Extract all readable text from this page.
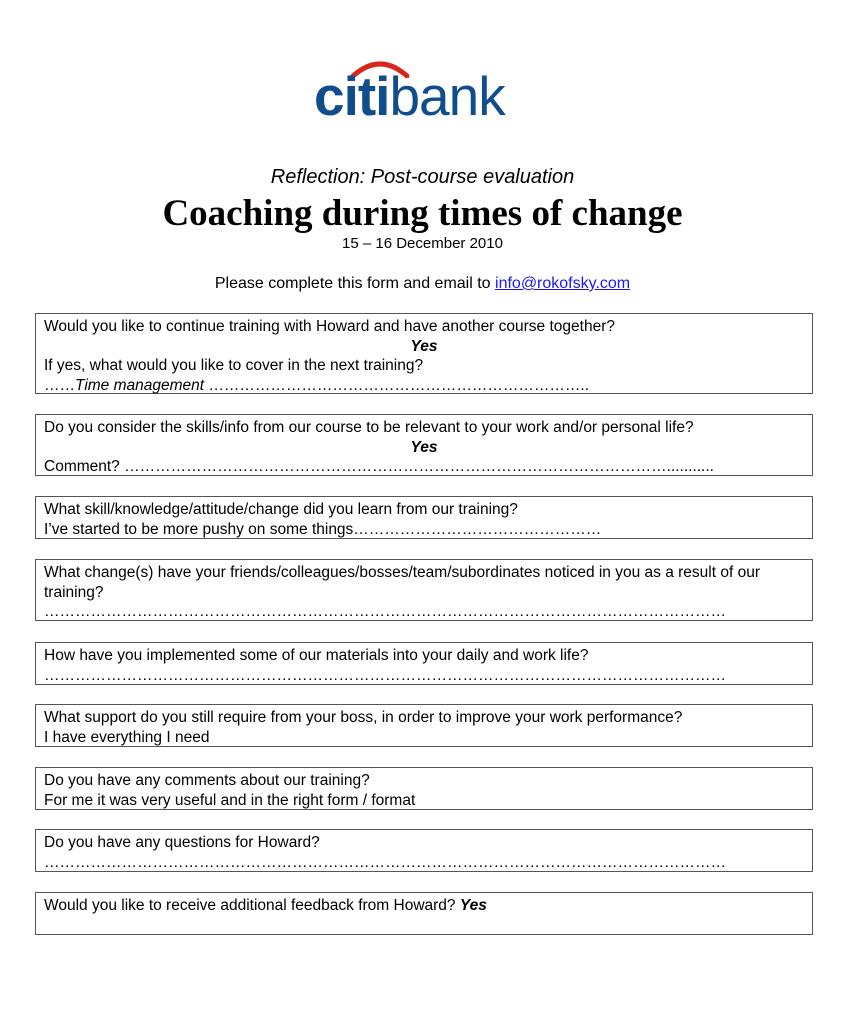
citibank
Reflection: Post-course evaluation
Coaching during times of change
15 – 16 December 2010
Please complete this form and email to info@rokofsky.com
Would you like to continue training with Howard and have another course together?
Yes
If yes, what would you like to cover in the next training?
……Time management ………………………………………………………………..
Do you consider the skills/info from our course to be relevant to your work and/or personal life?
Yes
Comment? ……………………………………………………………………………………………...........
What skill/knowledge/attitude/change did you learn from our training?
I’ve started to be more pushy on some things…………………………………………
What change(s) have your friends/colleagues/bosses/team/subordinates noticed in you as a result of our training?
……………………………………………………………………………………………………………………
How have you implemented some of our materials into your daily and work life?
……………………………………………………………………………………………………………………
What support do you still require from your boss, in order to improve your work performance?
I have everything I need
Do you have any comments about our training?
For me it was very useful and in the right form / format
Do you have any questions for Howard?
……………………………………………………………………………………………………………………
Would you like to receive additional feedback from Howard? Yes
